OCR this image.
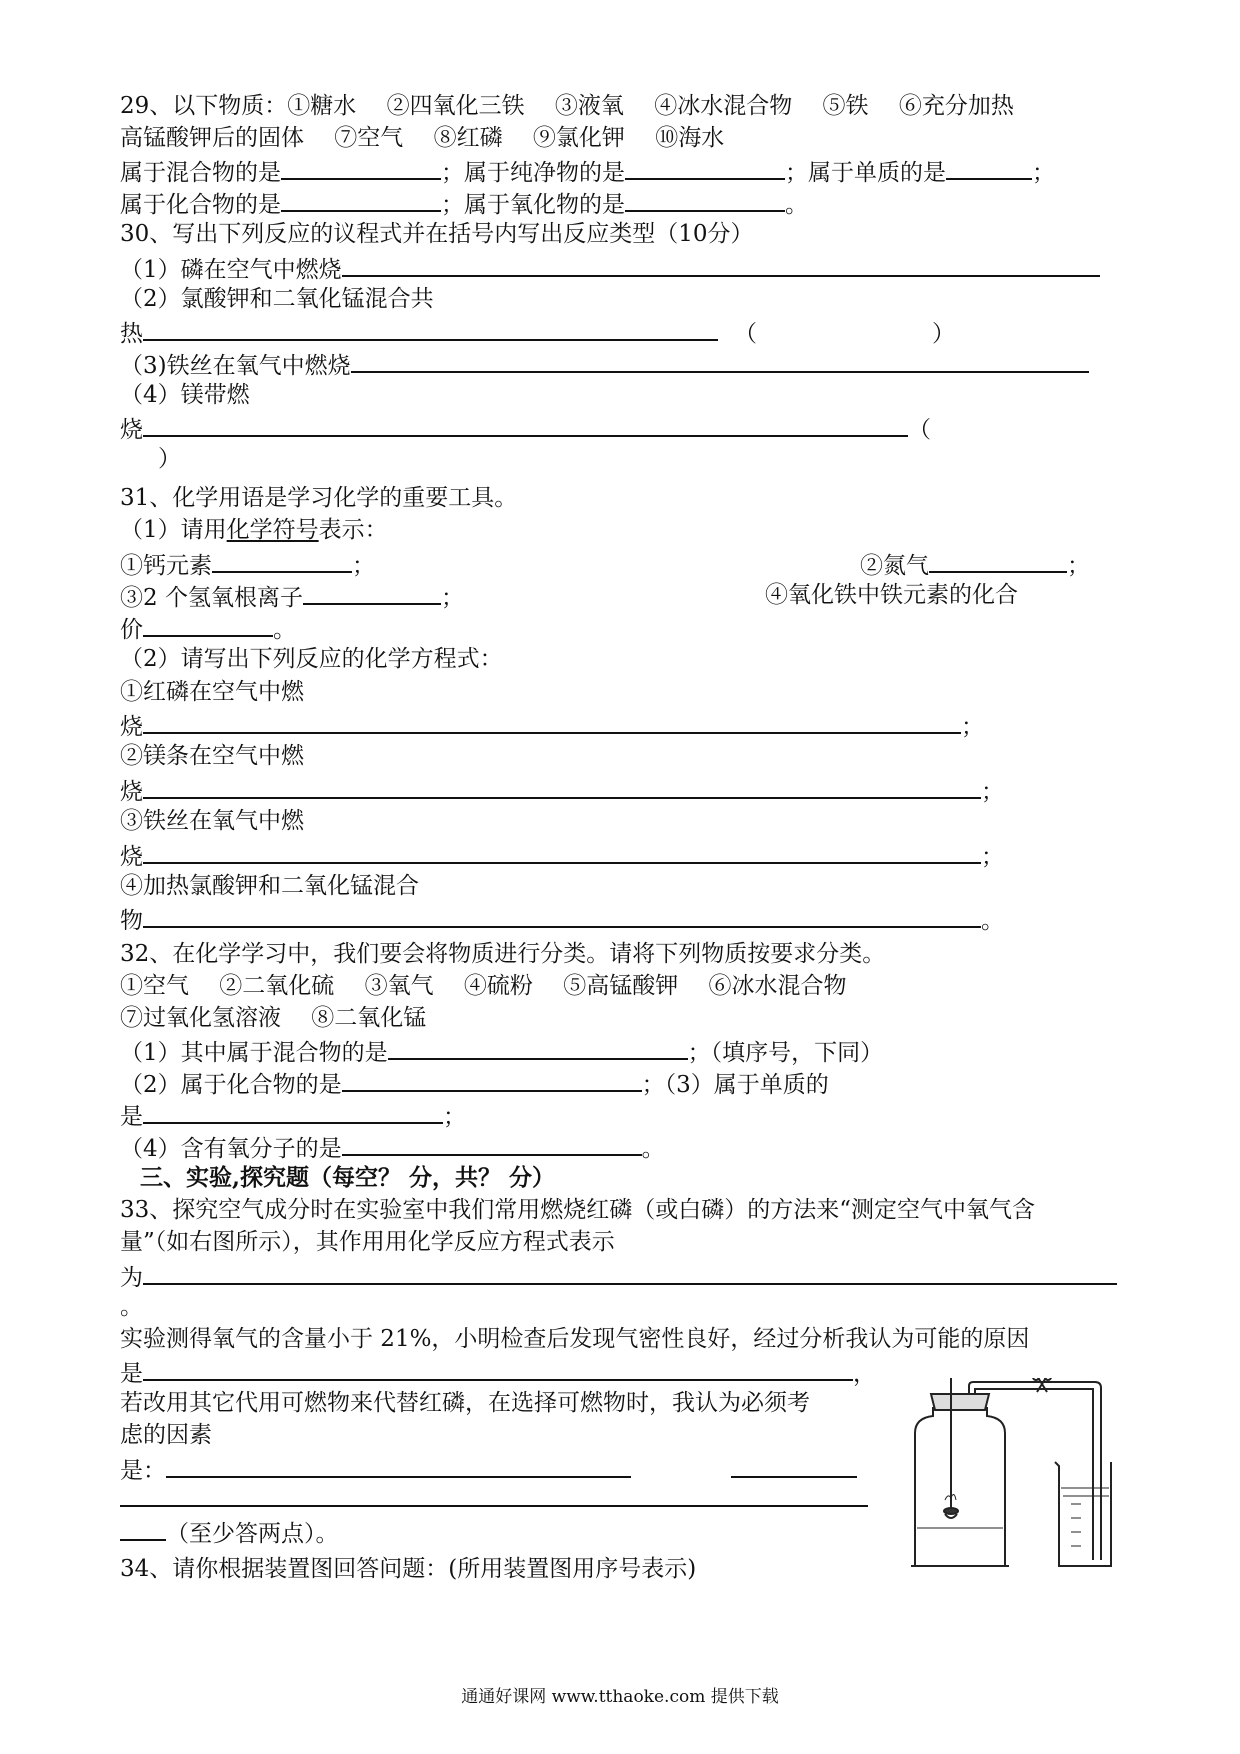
29、以下物质：①糖水　 ②四氧化三铁　 ③液氧　 ④冰水混合物　 ⑤铁　 ⑥充分加热
高锰酸钾后的固体　 ⑦空气　 ⑧红磷　 ⑨氯化钾　 ⑩海水
属于混合物的是	；属于纯净物的是	；属于单质的是	；
属于化合物的是	；属于氧化物的是	。
30、写出下列反应的议程式并在括号内写出反应类型（10分）
（1）磷在空气中燃烧
（2）氯酸钾和二氧化锰混合共
热	（	）
（3)铁丝在氧气中燃烧
（4）镁带燃
烧	（
）
31、化学用语是学习化学的重要工具。
（1）请用化学符号表示：
①钙元素	；	②氮气	；
③2 个氢氧根离子	；	④氧化铁中铁元素的化合
价	。
（2）请写出下列反应的化学方程式：
①红磷在空气中燃
烧	；
②镁条在空气中燃
烧	；
③铁丝在氧气中燃
烧	；
④加热氯酸钾和二氧化锰混合
物	。
32、在化学学习中，我们要会将物质进行分类。请将下列物质按要求分类。
①空气　 ②二氧化硫　 ③氧气　 ④硫粉　 ⑤高锰酸钾　 ⑥冰水混合物
⑦过氧化氢溶液　 ⑧二氧化锰
（1）其中属于混合物的是	；（填序号，下同）
（2）属于化合物的是	；（3）属于单质的
是	；
（4）含有氧分子的是	。
三、实验,探究题（每空？ 分，共？ 分）
33、探究空气成分时在实验室中我们常用燃烧红磷（或白磷）的方法来“测定空气中氧气含
量”（如右图所示），其作用用化学反应方程式表示
为
。
实验测得氧气的含量小于 21%，小明检查后发现气密性良好，经过分析我认为可能的原因
是	，
若改用其它代用可燃物来代替红磷，在选择可燃物时，我认为必须考
虑的因素
是：
（至少答两点）。
34、请你根据装置图回答问题：(所用装置图用序号表示)
通通好课网 www.tthaoke.com 提供下载
